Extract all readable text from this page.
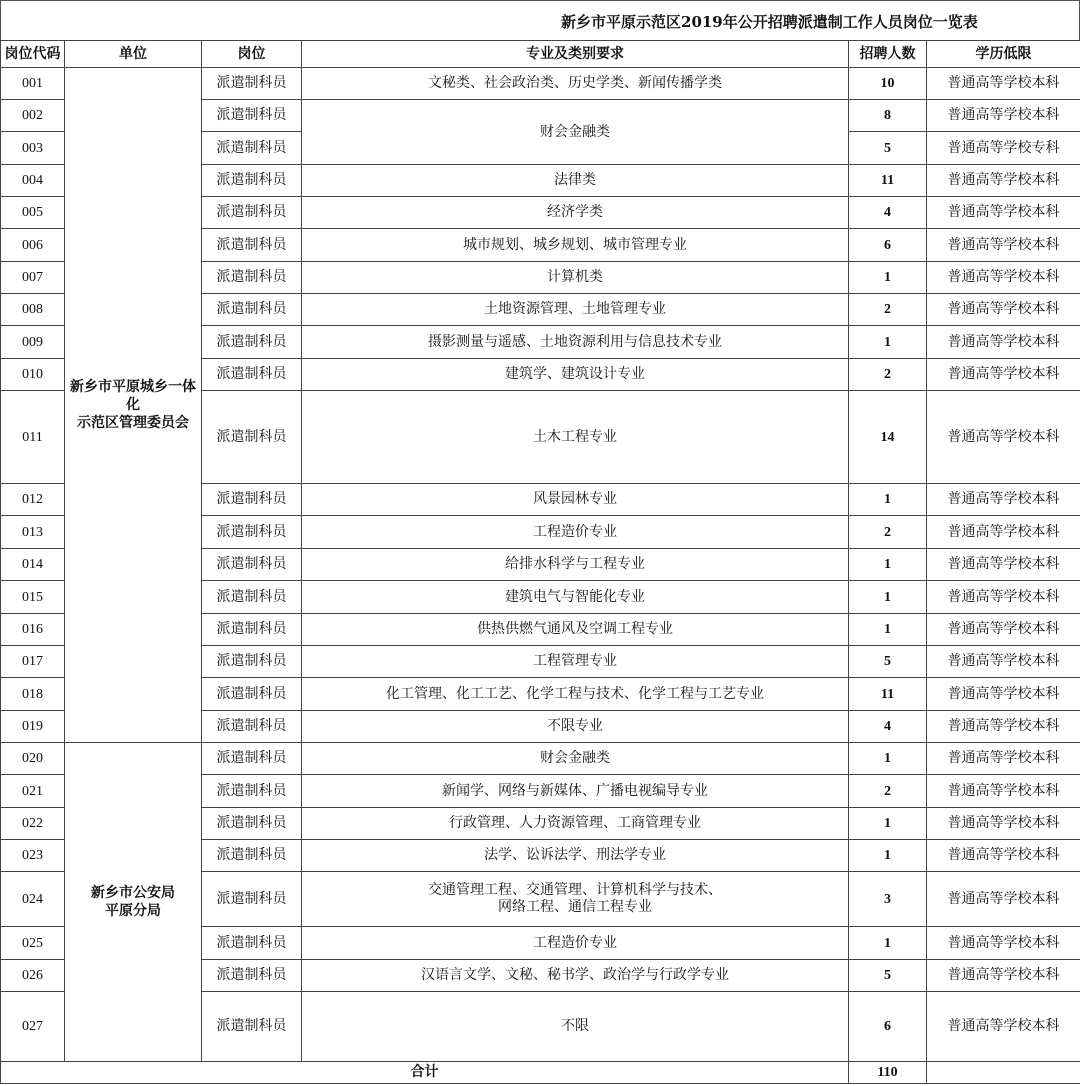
新乡市平原示范区2019年公开招聘派遣制工作人员岗位一览表
岗位代码	单位	岗位	专业及类别要求	招聘人数	学历低限
001	新乡市平原城乡一体化
示范区管理委员会	派遣制科员	文秘类、社会政治类、历史学类、新闻传播学类	10	普通高等学校本科
002		派遣制科员	财会金融类	8	普通高等学校本科
003		派遣制科员		5	普通高等学校专科
004		派遣制科员	法律类	11	普通高等学校本科
005		派遣制科员	经济学类	4	普通高等学校本科
006		派遣制科员	城市规划、城乡规划、城市管理专业	6	普通高等学校本科
007		派遣制科员	计算机类	1	普通高等学校本科
008		派遣制科员	土地资源管理、土地管理专业	2	普通高等学校本科
009		派遣制科员	摄影测量与遥感、土地资源利用与信息技术专业	1	普通高等学校本科
010		派遣制科员	建筑学、建筑设计专业	2	普通高等学校本科
011		派遣制科员	土木工程专业	14	普通高等学校本科
012		派遣制科员	风景园林专业	1	普通高等学校本科
013		派遣制科员	工程造价专业	2	普通高等学校本科
014		派遣制科员	给排水科学与工程专业	1	普通高等学校本科
015		派遣制科员	建筑电气与智能化专业	1	普通高等学校本科
016		派遣制科员	供热供燃气通风及空调工程专业	1	普通高等学校本科
017		派遣制科员	工程管理专业	5	普通高等学校本科
018		派遣制科员	化工管理、化工工艺、化学工程与技术、化学工程与工艺专业	11	普通高等学校本科
019		派遣制科员	不限专业	4	普通高等学校本科
020	新乡市公安局
平原分局	派遣制科员	财会金融类	1	普通高等学校本科
021		派遣制科员	新闻学、网络与新媒体、广播电视编导专业	2	普通高等学校本科
022		派遣制科员	行政管理、人力资源管理、工商管理专业	1	普通高等学校本科
023		派遣制科员	法学、讼诉法学、刑法学专业	1	普通高等学校本科
024		派遣制科员	交通管理工程、交通管理、计算机科学与技术、
网络工程、通信工程专业	3	普通高等学校本科
025		派遣制科员	工程造价专业	1	普通高等学校本科
026		派遣制科员	汉语言文学、文秘、秘书学、政治学与行政学专业	5	普通高等学校本科
027		派遣制科员	不限	6	普通高等学校本科
合计				110	
